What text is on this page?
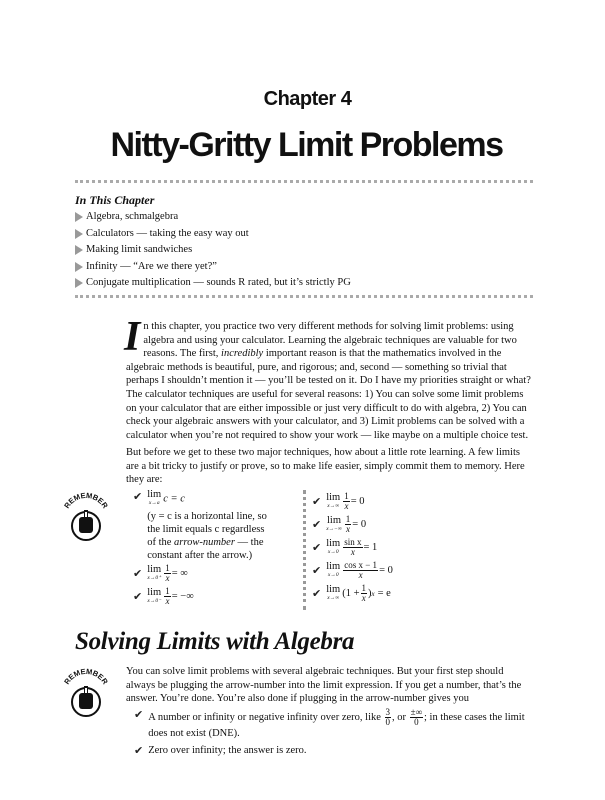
Chapter 4
Nitty-Gritty Limit Problems
In This Chapter
Algebra, schmalgebra
Calculators — taking the easy way out
Making limit sandwiches
Infinity — “Are we there yet?”
Conjugate multiplication — sounds R rated, but it’s strictly PG
In this chapter, you practice two very different methods for solving limit problems: using algebra and using your calculator. Learning the algebraic techniques are valuable for two reasons. The first, incredibly important reason is that the mathematics involved in the algebraic methods is beautiful, pure, and rigorous; and, second — something so trivial that perhaps I shouldn’t mention it — you’ll be tested on it. Do I have my priorities straight or what? The calculator techniques are useful for several reasons: 1) You can solve some limit problems on your calculator that are either impossible or just very difficult to do with algebra, 2) You can check your algebraic answers with your calculator, and 3) Limit problems can be solved with a calculator when you’re not required to show your work — like maybe on a multiple choice test.
But before we get to these two major techniques, how about a little rote learning. A few limits are a bit tricky to justify or prove, so to make life easier, simply commit them to memory. Here they are:
REMEMBER
✔ lim
x→a c = c
(y = c is a horizontal line, so the limit equals c regardless of the arrow-number — the constant after the arrow.)
✔ lim
$x\to 0^+ \frac{1}{x}$ = ∞
✔ lim
$x\to 0^- \frac{1}{x}$ = −∞
✔ lim
$x\to\infty \frac{1}{x} = 0$
✔ lim
$x\to-\infty \frac{1}{x} = 0$
✔ lim
$x\to 0 \frac{\text{sin x}}{x} = 1$
✔ lim
$x\to 0 \frac{\text{cos x − 1}}{x} = 0$
✔ lim
x→∞ ($1 + \frac{1}{x}$ ) x = e
Solving Limits with Algebra
REMEMBER
You can solve limit problems with several algebraic techniques. But your first step should always be plugging the arrow-number into the limit expression. If you get a number, that’s the answer. You’re done. You’re also done if plugging in the arrow-number gives you
✔ A number or infinity or negative infinity over zero, like $\frac{3}{0}$ , or $\frac{\pm\infty}{0}$ ; in these cases the limit does not exist (DNE).
✔ Zero over infinity; the answer is zero.
